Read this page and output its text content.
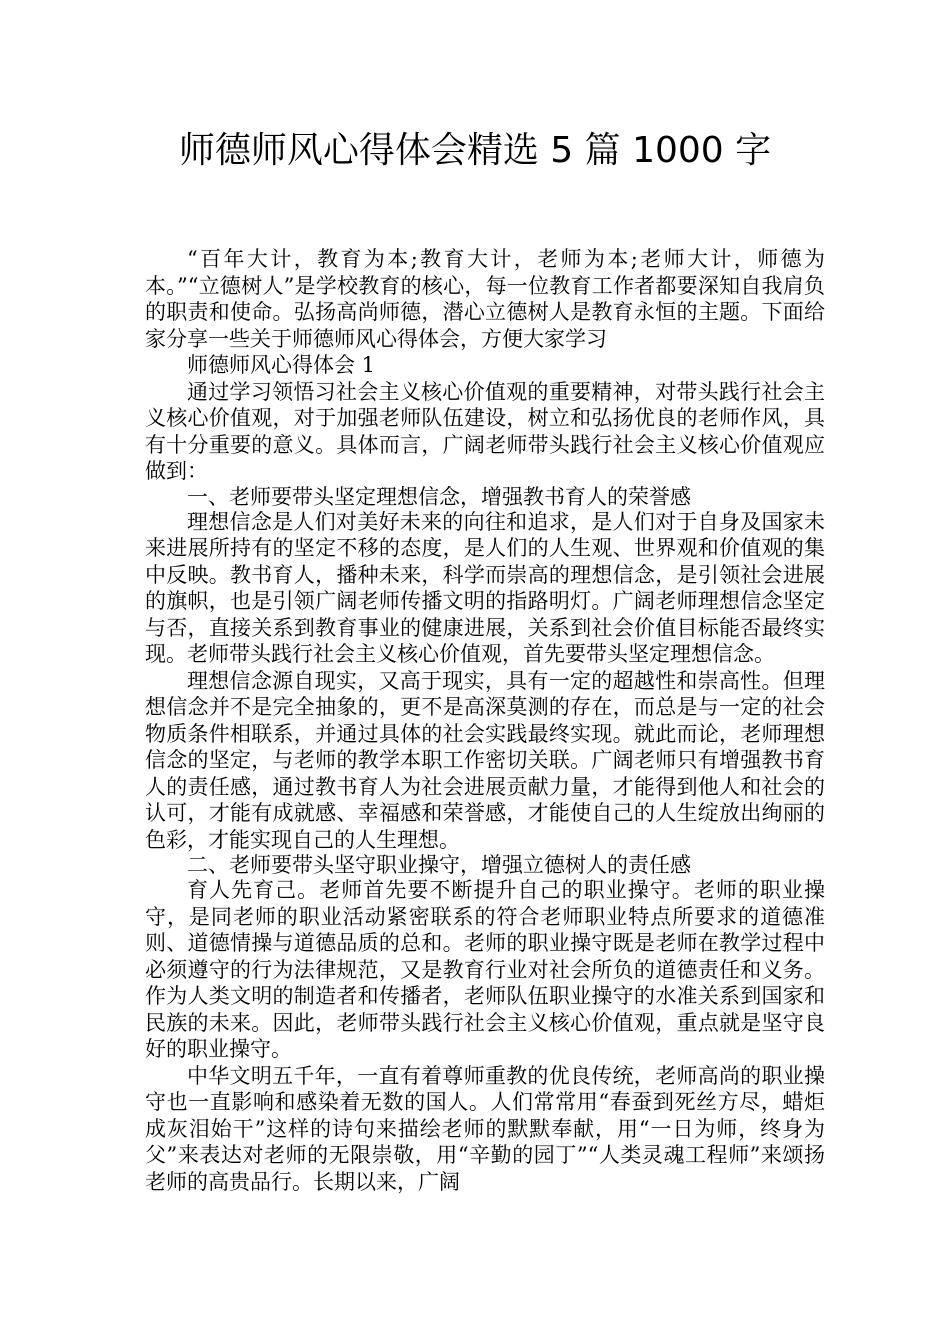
师德师风心得体会精选 5 篇 1000 字

“百年大计，教育为本;教育大计，老师为本;老师大计，师德为本。”“立德树人”是学校教育的核心，每一位教育工作者都要深知自我肩负的职责和使命。弘扬高尚师德，潜心立德树人是教育永恒的主题。下面给家分享一些关于师德师风心得体会，方便大家学习

师德师风心得体会 1

通过学习领悟习社会主义核心价值观的重要精神，对带头践行社会主义核心价值观，对于加强老师队伍建设，树立和弘扬优良的老师作风，具有十分重要的意义。具体而言，广阔老师带头践行社会主义核心价值观应做到：

一、老师要带头坚定理想信念，增强教书育人的荣誉感

理想信念是人们对美好未来的向往和追求，是人们对于自身及国家未来进展所持有的坚定不移的态度，是人们的人生观、世界观和价值观的集中反映。教书育人，播种未来，科学而崇高的理想信念，是引领社会进展的旗帜，也是引领广阔老师传播文明的指路明灯。广阔老师理想信念坚定与否，直接关系到教育事业的健康进展，关系到社会价值目标能否最终实现。老师带头践行社会主义核心价值观，首先要带头坚定理想信念。

理想信念源自现实，又高于现实，具有一定的超越性和崇高性。但理想信念并不是完全抽象的，更不是高深莫测的存在，而总是与一定的社会物质条件相联系，并通过具体的社会实践最终实现。就此而论，老师理想信念的坚定，与老师的教学本职工作密切关联。广阔老师只有增强教书育人的责任感，通过教书育人为社会进展贡献力量，才能得到他人和社会的认可，才能有成就感、幸福感和荣誉感，才能使自己的人生绽放出绚丽的色彩，才能实现自己的人生理想。

二、老师要带头坚守职业操守，增强立德树人的责任感

育人先育己。老师首先要不断提升自己的职业操守。老师的职业操守，是同老师的职业活动紧密联系的符合老师职业特点所要求的道德准则、道德情操与道德品质的总和。老师的职业操守既是老师在教学过程中必须遵守的行为法律规范，又是教育行业对社会所负的道德责任和义务。作为人类文明的制造者和传播者，老师队伍职业操守的水准关系到国家和民族的未来。因此，老师带头践行社会主义核心价值观，重点就是坚守良好的职业操守。

中华文明五千年，一直有着尊师重教的优良传统，老师高尚的职业操守也一直影响和感染着无数的国人。人们常常用“春蚕到死丝方尽，蜡炬成灰泪始干”这样的诗句来描绘老师的默默奉献，用“一日为师，终身为父”来表达对老师的无限崇敬，用“辛勤的园丁”“人类灵魂工程师”来颂扬老师的高贵品行。长期以来，广阔
